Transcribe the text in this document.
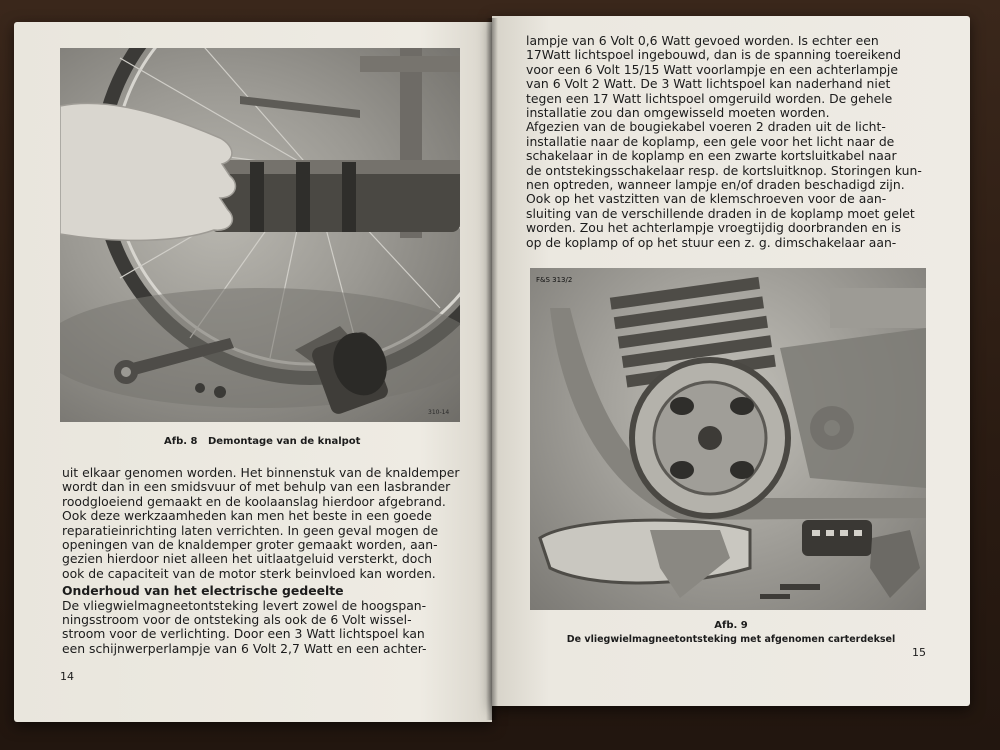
310-14
Afb. 8 Demontage van de knalpot

uit elkaar genomen worden. Het binnenstuk van de knaldemper
wordt dan in een smidsvuur of met behulp van een lasbrander
roodgloeiend gemaakt en de koolaanslag hierdoor afgebrand.
Ook deze werkzaamheden kan men het beste in een goede
reparatieinrichting laten verrichten. In geen geval mogen de
openingen van de knaldemper groter gemaakt worden, aan-
gezien hierdoor niet alleen het uitlaatgeluid versterkt, doch
ook de capaciteit van de motor sterk beinvloed kan worden.

Onderhoud van het electrische gedeelte

De vliegwielmagneetontsteking levert zowel de hoogspan-
ningsstroom voor de ontsteking als ook de 6 Volt wissel-
stroom voor de verlichting. Door een 3 Watt lichtspoel kan
een schijnwerperlampje van 6 Volt 2,7 Watt en een achter-

14

lampje van 6 Volt 0,6 Watt gevoed worden. Is echter een
17Watt lichtspoel ingebouwd, dan is de spanning toereikend
voor een 6 Volt 15/15 Watt voorlampje en een achterlampje
van 6 Volt 2 Watt. De 3 Watt lichtspoel kan naderhand niet
tegen een 17 Watt lichtspoel omgeruild worden. De gehele
installatie zou dan omgewisseld moeten worden.

Afgezien van de bougiekabel voeren 2 draden uit de licht-
installatie naar de koplamp, een gele voor het licht naar de
schakelaar in de koplamp en een zwarte kortsluitkabel naar
de ontstekingsschakelaar resp. de kortsluitknop. Storingen kun-
nen optreden, wanneer lampje en/of draden beschadigd zijn.
Ook op het vastzitten van de klemschroeven voor de aan-
sluiting van de verschillende draden in de koplamp moet gelet
worden. Zou het achterlampje vroegtijdig doorbranden en is
op de koplamp of op het stuur een z. g. dimschakelaar aan-

F&S 313/2
Afb. 9
De vliegwielmagneetontsteking met afgenomen carterdeksel
15
